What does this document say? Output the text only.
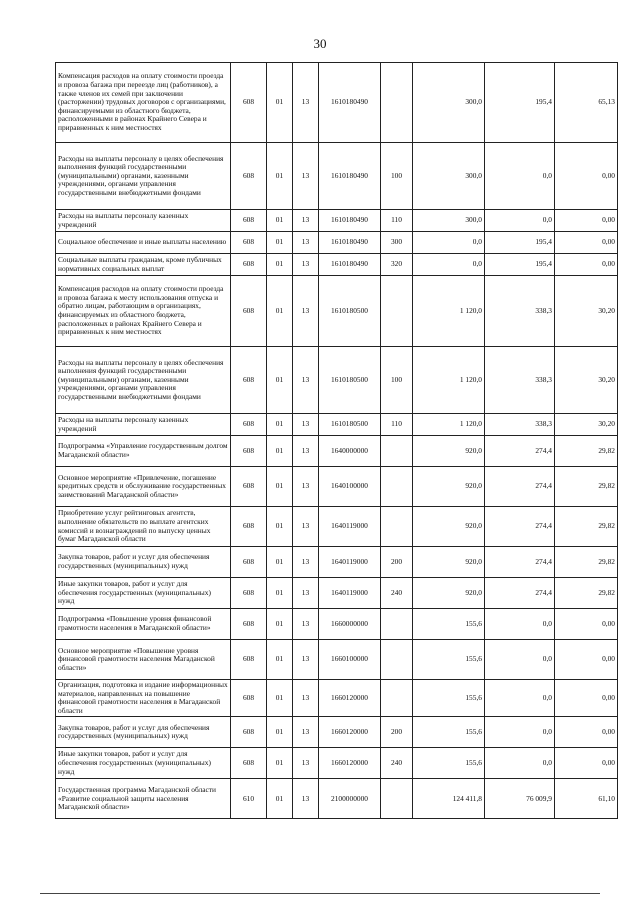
30
Компенсация расходов на оплату стоимости проезда и провоза багажа при переезде лиц (работников), а также членов их семей при заключении (расторжении) трудовых договоров с организациями, финансируемыми из областного бюджета, расположенными в районах Крайнего Севера и приравненных к ним местностях	608	01	13	1610180490		300,0	195,4	65,13
Расходы на выплаты персоналу в целях обеспечения выполнения функций государственными (муниципальными) органами, казенными учреждениями, органами управления государственными внебюджетными фондами	608	01	13	1610180490	100	300,0	0,0	0,00
Расходы на выплаты персоналу казенных учреждений	608	01	13	1610180490	110	300,0	0,0	0,00
Социальное обеспечение и иные выплаты населению	608	01	13	1610180490	300	0,0	195,4	0,00
Социальные выплаты гражданам, кроме публичных нормативных социальных выплат	608	01	13	1610180490	320	0,0	195,4	0,00
Компенсация расходов на оплату стоимости проезда и провоза багажа к месту использования отпуска и обратно лицам, работающим в организациях, финансируемых из областного бюджета, расположенных в районах Крайнего Севера и приравненных к ним местностях	608	01	13	1610180500		1 120,0	338,3	30,20
Расходы на выплаты персоналу в целях обеспечения выполнения функций государственными (муниципальными) органами, казенными учреждениями, органами управления государственными внебюджетными фондами	608	01	13	1610180500	100	1 120,0	338,3	30,20
Расходы на выплаты персоналу казенных учреждений	608	01	13	1610180500	110	1 120,0	338,3	30,20
Подпрограмма «Управление государственным долгом Магаданской области»	608	01	13	1640000000		920,0	274,4	29,82
Основное мероприятие «Привлечение, погашение кредитных средств и обслуживание государственных заимствований Магаданской области»	608	01	13	1640100000		920,0	274,4	29,82
Приобретение услуг рейтинговых агентств, выполнение обязательств по выплате агентских комиссий и вознаграждений по выпуску ценных бумаг Магаданской области	608	01	13	1640119000		920,0	274,4	29,82
Закупка товаров, работ и услуг для обеспечения государственных (муниципальных) нужд	608	01	13	1640119000	200	920,0	274,4	29,82
Иные закупки товаров, работ и услуг для обеспечения государственных (муниципальных) нужд	608	01	13	1640119000	240	920,0	274,4	29,82
Подпрограмма «Повышение уровня финансовой грамотности населения в Магаданской области»	608	01	13	1660000000		155,6	0,0	0,00
Основное мероприятие «Повышение уровня финансовой грамотности населения Магаданской области»	608	01	13	1660100000		155,6	0,0	0,00
Организация, подготовка и издание информационных материалов, направленных на повышение финансовой грамотности населения в Магаданской области	608	01	13	1660120000		155,6	0,0	0,00
Закупка товаров, работ и услуг для обеспечения государственных (муниципальных) нужд	608	01	13	1660120000	200	155,6	0,0	0,00
Иные закупки товаров, работ и услуг для обеспечения государственных (муниципальных) нужд	608	01	13	1660120000	240	155,6	0,0	0,00
Государственная программа Магаданской области «Развитие социальной защиты населения Магаданской области»	610	01	13	2100000000		124 411,8	76 009,9	61,10
